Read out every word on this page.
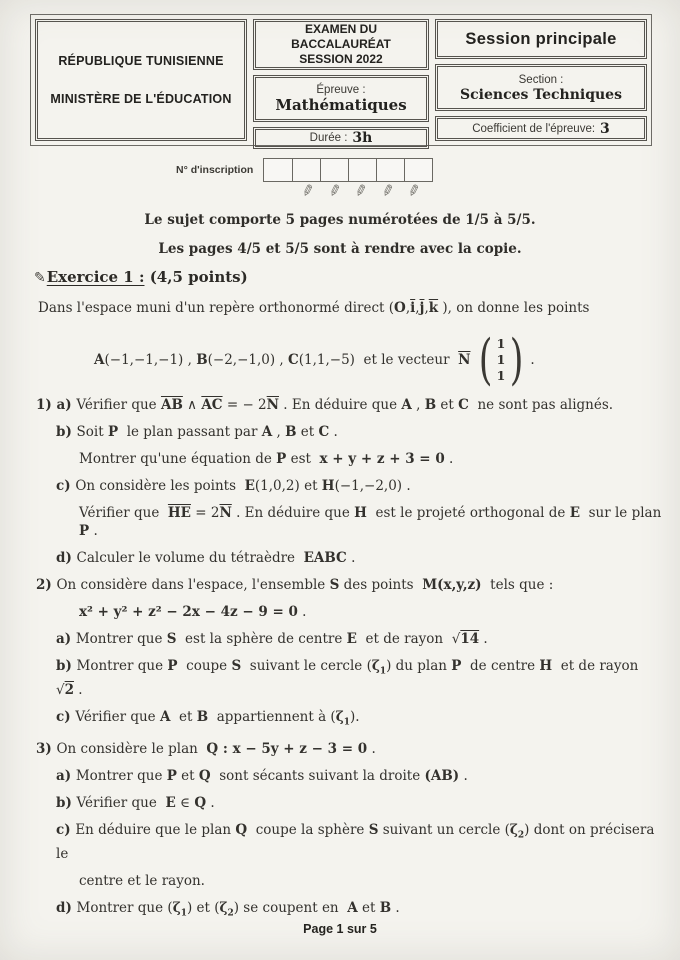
RÉPUBLIQUE TUNISIENNE
MINISTÈRE DE L'ÉDUCATION
EXAMEN DU BACCALAURÉAT
SESSION 2022
Épreuve :
Mathématiques
Durée : 3h
Session principale
Section :
Sciences Techniques
Coefficient de l'épreuve: 3
N° d'inscription
✎✎✎✎✎

Le sujet comporte 5 pages numérotées de 1/5 à 5/5.

Les pages 4/5 et 5/5 sont à rendre avec la copie.

✎Exercice 1 : (4,5 points)

Dans l'espace muni d'un repère orthonormé direct ($O,\overline{i},\overline{j},\overline{k}$ ), on donne les points

A(−1,−1,−1) , B(−2,−1,0) , C(1,1,−5)  et le vecteur  $\overline{N}$ ( 1
1
1 ) .
1) a) Vérifier que $\overline{AB}$ ∧ $\overline{AC}$ = − $2\overline{N}$ . En déduire que A , B et C  ne sont pas alignés.
b) Soit P  le plan passant par A , B et C .
Montrer qu'une équation de P est  x + y + z + 3 = 0 .
c) On considère les points  E(1,0,2) et H(−1,−2,0) .
Vérifier que  $\overline{HE} = 2\overline{N}$ . En déduire que H  est le projeté orthogonal de E  sur le plan P .
d) Calculer le volume du tétraèdre  EABC .
2) On considère dans l'espace, l'ensemble S des points  M(x,y,z)  tels que :
x² + y² + z² − 2x − 4z − 9 = 0 .
a) Montrer que S  est la sphère de centre E  et de rayon  √14 .
b) Montrer que P  coupe S  suivant le cercle $(\zeta_1)$ du plan P  de centre H  et de rayon  √2 .
c) Vérifier que A  et B  appartiennent à $(\zeta_1)$.
3) On considère le plan  Q : x − 5y + z − 3 = 0 .
a) Montrer que P et Q  sont sécants suivant la droite (AB) .
b) Vérifier que  E ∈ Q .
c) En déduire que le plan Q  coupe la sphère S suivant un cercle $(\zeta_2)$ dont on précisera le
centre et le rayon.
d) Montrer que $(\zeta_1)$ et $(\zeta_2)$ se coupent en  A et B .
Page 1 sur 5
